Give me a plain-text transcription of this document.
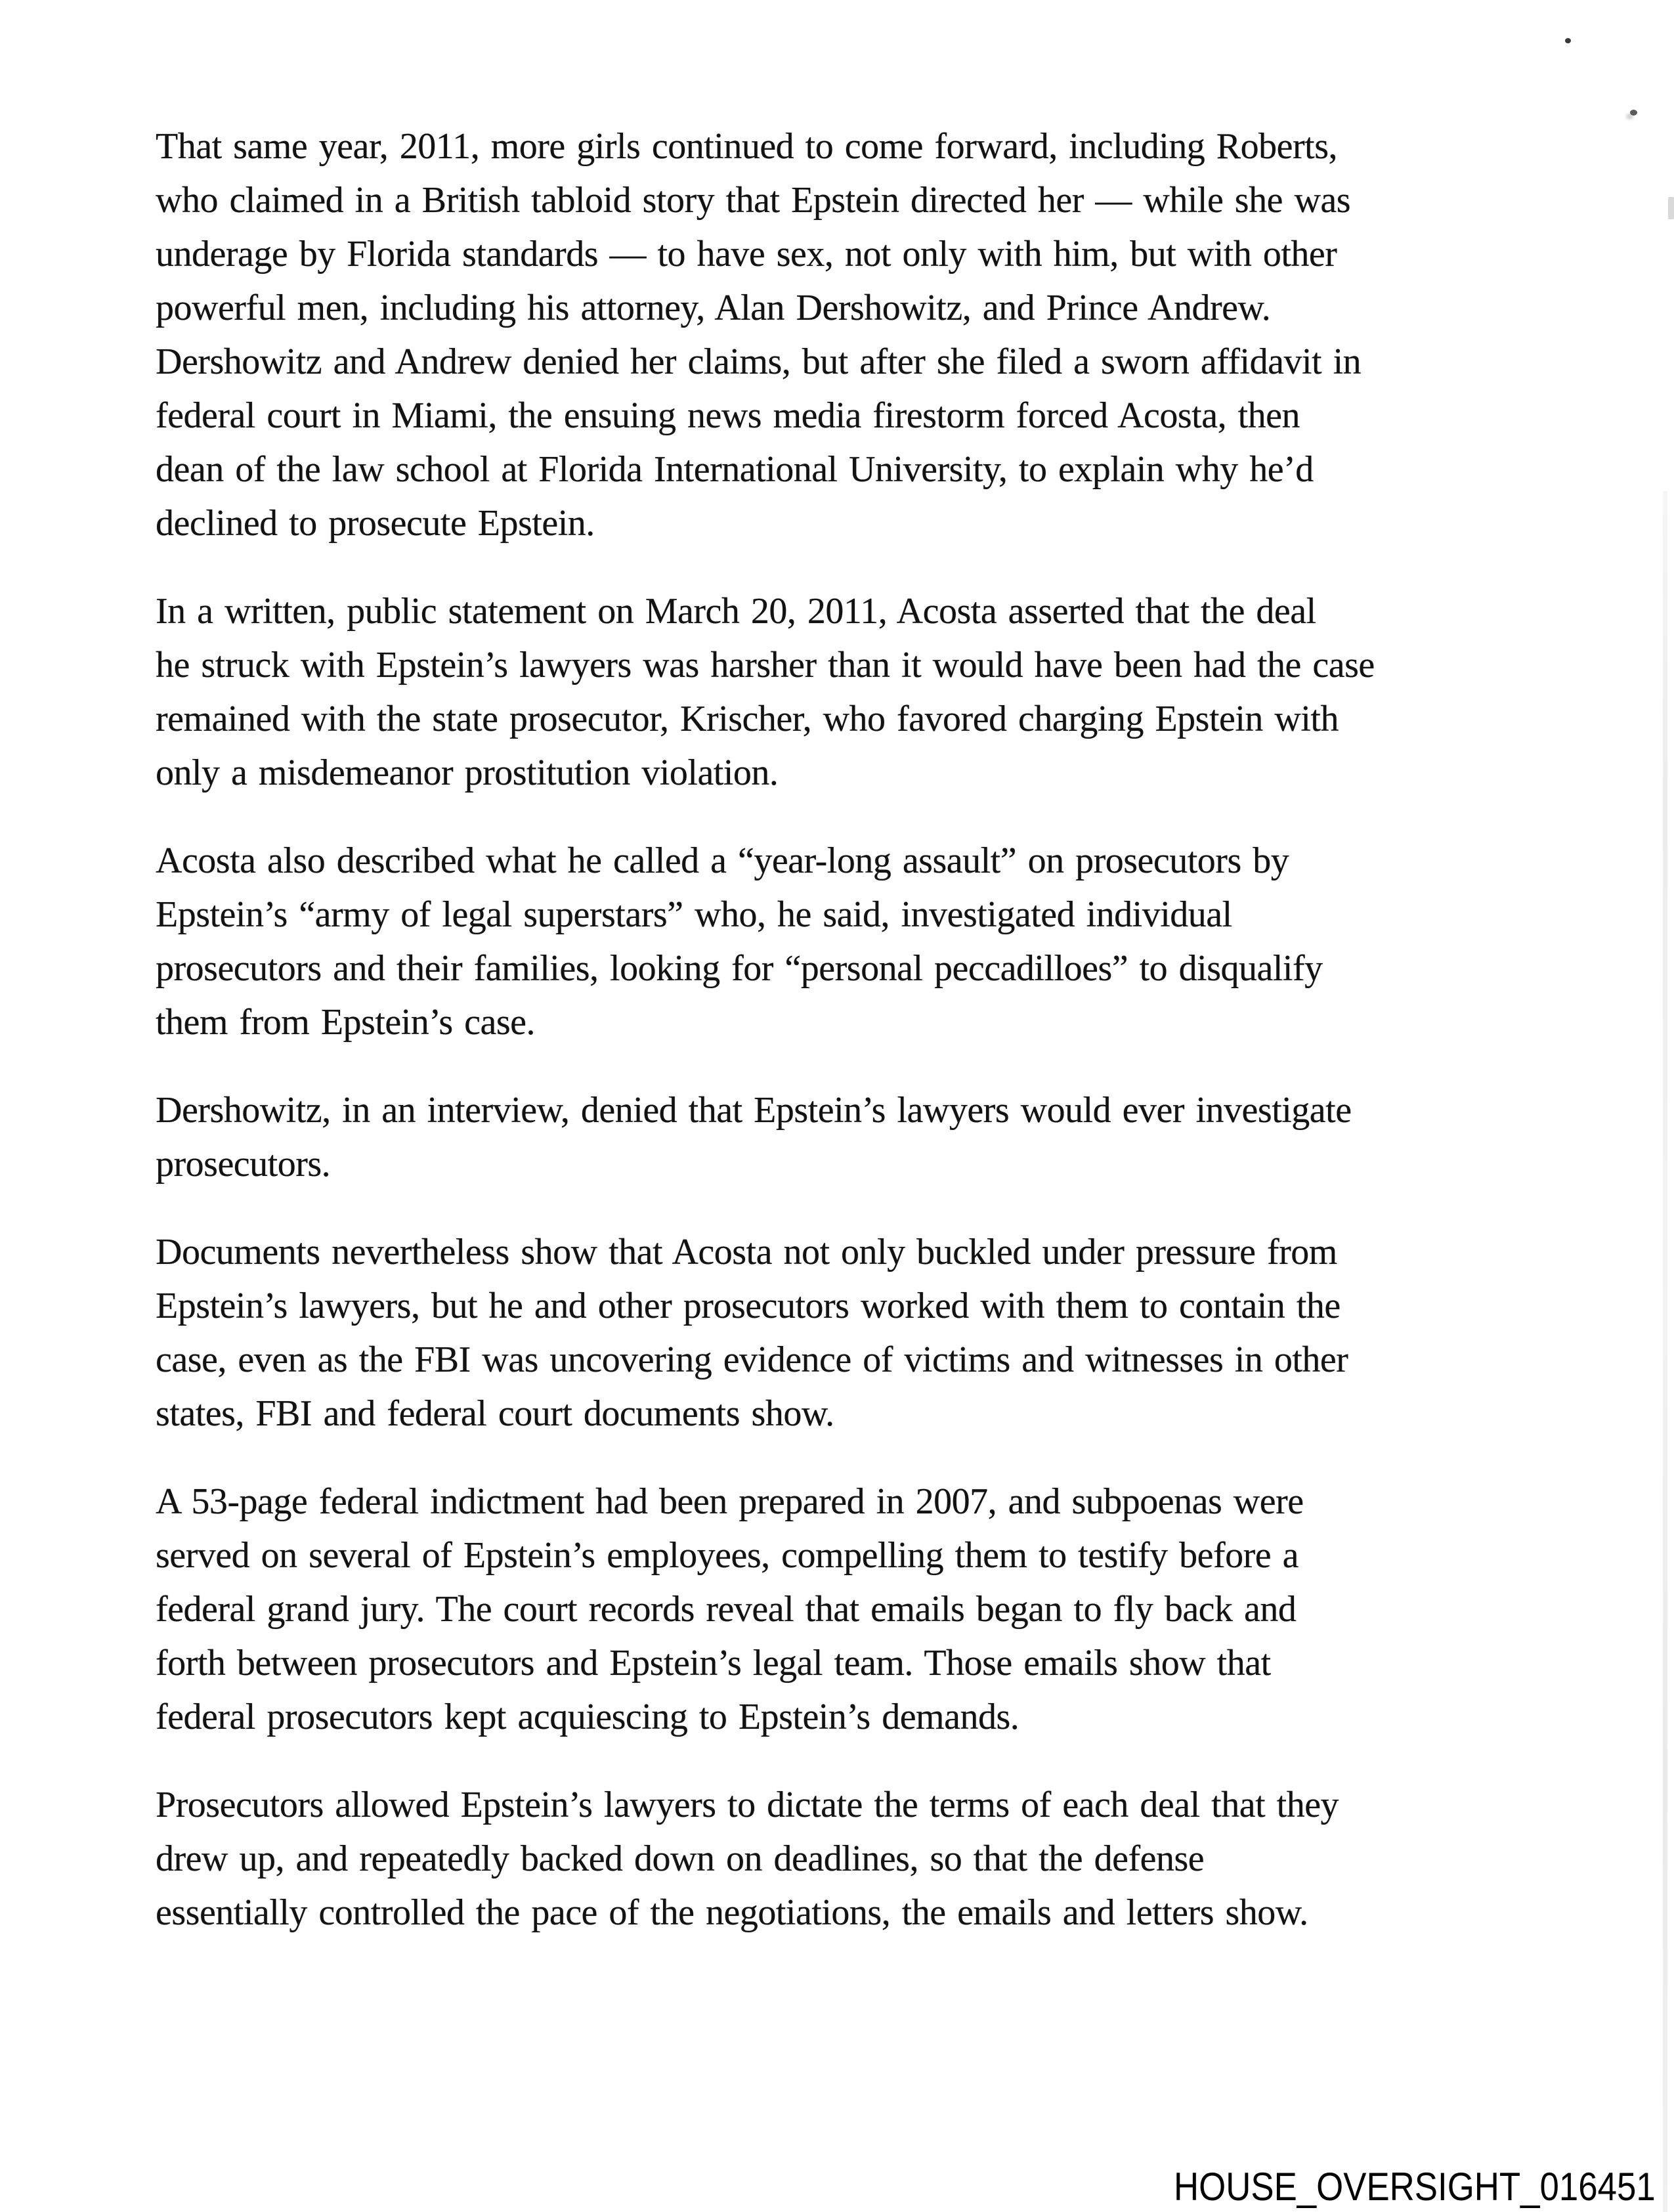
That same year, 2011, more girls continued to come forward, including Roberts,
who claimed in a British tabloid story that Epstein directed her — while she was
underage by Florida standards — to have sex, not only with him, but with other
powerful men, including his attorney, Alan Dershowitz, and Prince Andrew.
Dershowitz and Andrew denied her claims, but after she filed a sworn affidavit in
federal court in Miami, the ensuing news media firestorm forced Acosta, then
dean of the law school at Florida International University, to explain why he’d
declined to prosecute Epstein.

In a written, public statement on March 20, 2011, Acosta asserted that the deal
he struck with Epstein’s lawyers was harsher than it would have been had the case
remained with the state prosecutor, Krischer, who favored charging Epstein with
only a misdemeanor prostitution violation.

Acosta also described what he called a “year-long assault” on prosecutors by
Epstein’s “army of legal superstars” who, he said, investigated individual
prosecutors and their families, looking for “personal peccadilloes” to disqualify
them from Epstein’s case.

Dershowitz, in an interview, denied that Epstein’s lawyers would ever investigate
prosecutors.

Documents nevertheless show that Acosta not only buckled under pressure from
Epstein’s lawyers, but he and other prosecutors worked with them to contain the
case, even as the FBI was uncovering evidence of victims and witnesses in other
states, FBI and federal court documents show.

A 53-page federal indictment had been prepared in 2007, and subpoenas were
served on several of Epstein’s employees, compelling them to testify before a
federal grand jury. The court records reveal that emails began to fly back and
forth between prosecutors and Epstein’s legal team. Those emails show that
federal prosecutors kept acquiescing to Epstein’s demands.

Prosecutors allowed Epstein’s lawyers to dictate the terms of each deal that they
drew up, and repeatedly backed down on deadlines, so that the defense
essentially controlled the pace of the negotiations, the emails and letters show.

HOUSE_OVERSIGHT_016451
